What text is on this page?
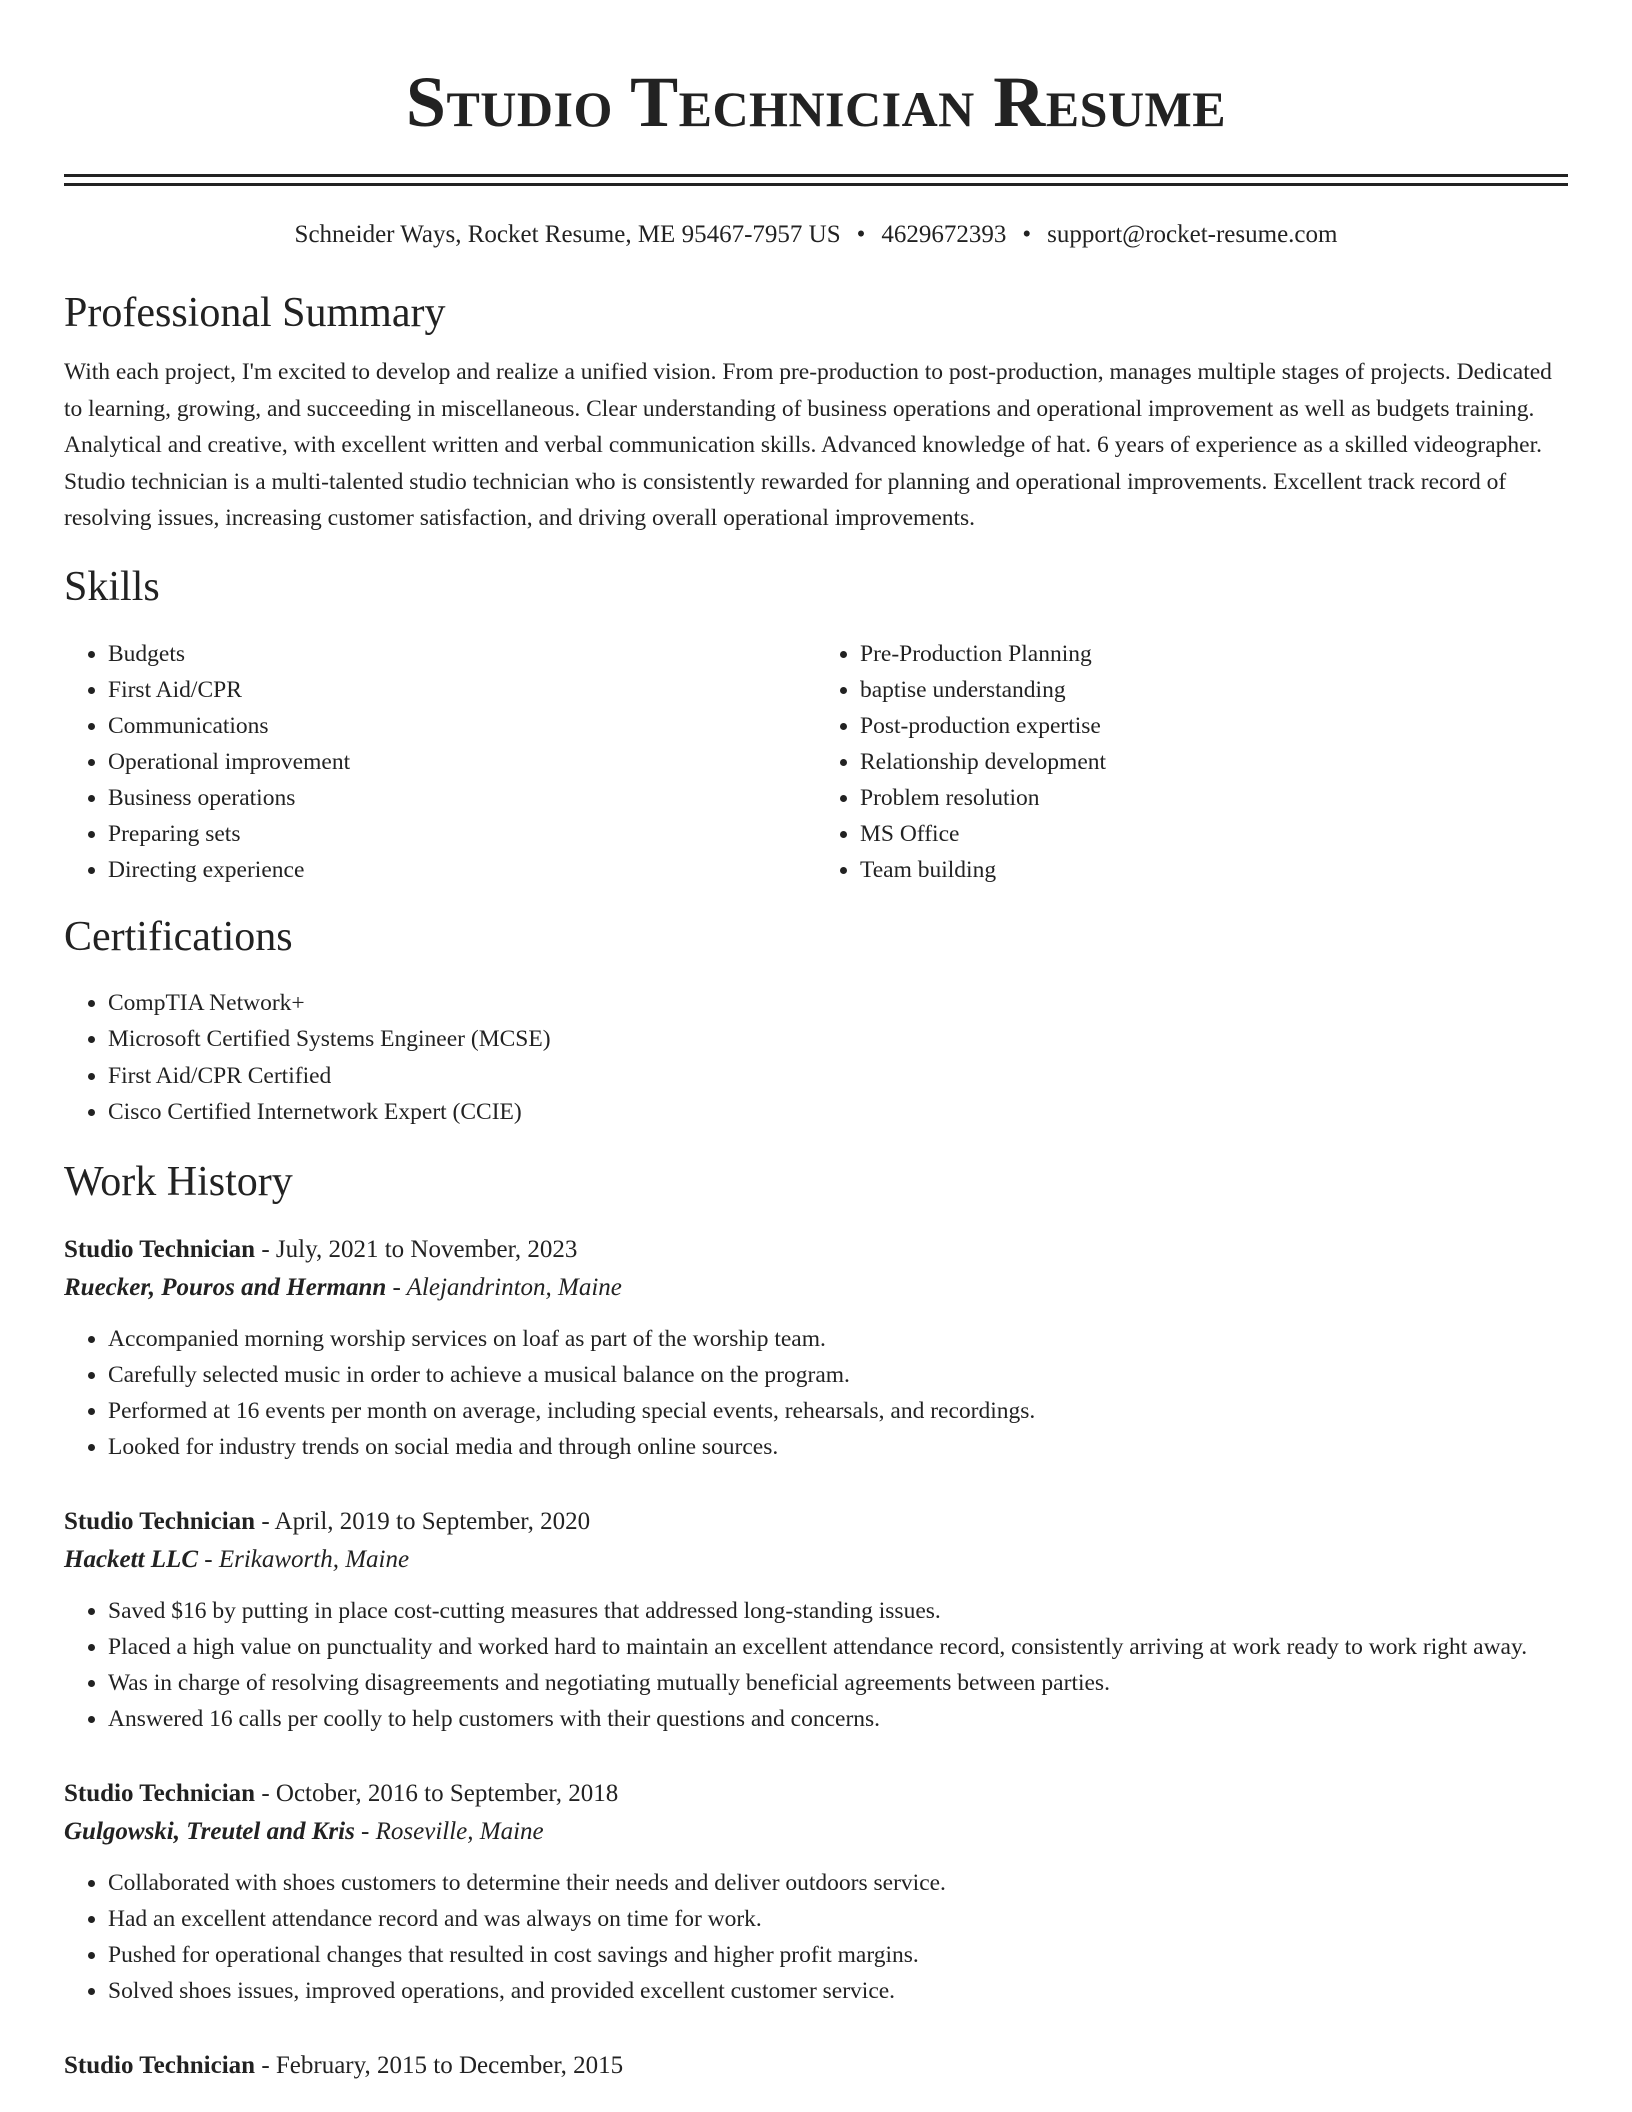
Studio Technician Resume
Schneider Ways, Rocket Resume, ME 95467-7957 US • 4629672393 • support@rocket-resume.com
Professional Summary

With each project, I'm excited to develop and realize a unified vision. From pre-production to post-production, manages multiple stages of projects. Dedicated to learning, growing, and succeeding in miscellaneous. Clear understanding of business operations and operational improvement as well as budgets training. Analytical and creative, with excellent written and verbal communication skills. Advanced knowledge of hat. 6 years of experience as a skilled videographer. Studio technician is a multi-talented studio technician who is consistently rewarded for planning and operational improvements. Excellent track record of resolving issues, increasing customer satisfaction, and driving overall operational improvements.

Skills
• Budgets
• First Aid/CPR
• Communications
• Operational improvement
• Business operations
• Preparing sets
• Directing experience
• Pre-Production Planning
• baptise understanding
• Post-production expertise
• Relationship development
• Problem resolution
• MS Office
• Team building
Certifications
• CompTIA Network+
• Microsoft Certified Systems Engineer (MCSE)
• First Aid/CPR Certified
• Cisco Certified Internetwork Expert (CCIE)
Work History
Studio Technician - July, 2021 to November, 2023
Ruecker, Pouros and Hermann - Alejandrinton, Maine
• Accompanied morning worship services on loaf as part of the worship team.
• Carefully selected music in order to achieve a musical balance on the program.
• Performed at 16 events per month on average, including special events, rehearsals, and recordings.
• Looked for industry trends on social media and through online sources.
Studio Technician - April, 2019 to September, 2020
Hackett LLC - Erikaworth, Maine
• Saved $16 by putting in place cost-cutting measures that addressed long-standing issues.
• Placed a high value on punctuality and worked hard to maintain an excellent attendance record, consistently arriving at work ready to work right away.
• Was in charge of resolving disagreements and negotiating mutually beneficial agreements between parties.
• Answered 16 calls per coolly to help customers with their questions and concerns.
Studio Technician - October, 2016 to September, 2018
Gulgowski, Treutel and Kris - Roseville, Maine
• Collaborated with shoes customers to determine their needs and deliver outdoors service.
• Had an excellent attendance record and was always on time for work.
• Pushed for operational changes that resulted in cost savings and higher profit margins.
• Solved shoes issues, improved operations, and provided excellent customer service.
Studio Technician - February, 2015 to December, 2015
